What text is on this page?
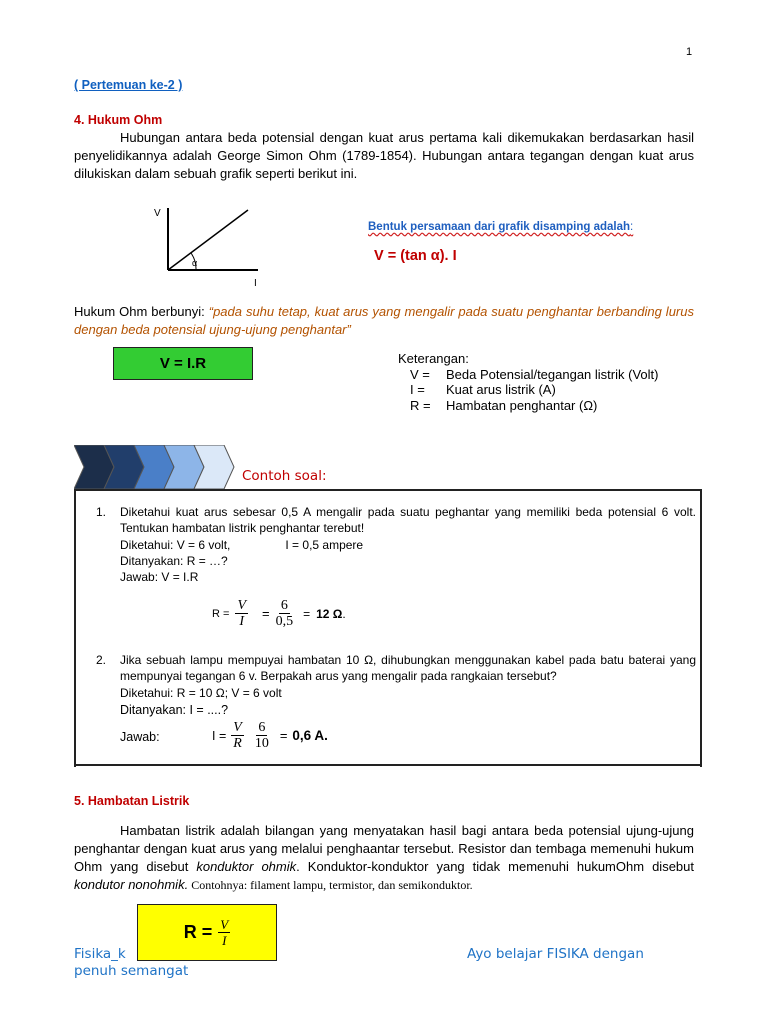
1
( Pertemuan ke-2 )
4. Hukum Ohm
Hubungan antara beda potensial dengan kuat arus pertama kali dikemukakan berdasarkan hasil penyelidikannya adalah George Simon Ohm (1789-1854). Hubungan antara tegangan dengan kuat arus dilukiskan dalam sebuah grafik seperti berikut ini.
V
I
α
Bentuk persamaan dari grafik disamping adalah:
V = (tan α). I
Hukum Ohm berbunyi: “pada suhu tetap, kuat arus yang mengalir pada suatu penghantar berbanding lurus dengan beda potensial ujung-ujung penghantar”
V = I.R	Keterangan:
V =	Beda Potensial/tegangan listrik (Volt)
I =	Kuat arus listrik (A)
R =	Hambatan penghantar (Ω)
Contoh soal:
1. Diketahui kuat arus sebesar 0,5 A mengalir pada suatu peghantar yang memiliki beda potensial 6 volt. Tentukan hambatan listrik penghantar terebut!
Diketahui: V = 6 volt,	I = 0,5 ampere
Ditanyakan: R = …?
Jawab: V = I.R
$R = \frac{V}{I} = \frac{6}{0,5} = 12$ Ω.
2. Jika sebuah lampu mempuyai hambatan 10 Ω, dihubungkan menggunakan kabel pada batu baterai yang mempunyai tegangan 6 v. Berpakah arus yang mengalir pada rangkaian tersebut?
Diketahui: R = 10 Ω; V = 6 volt
Ditanyakan: I = ....?
Jawab:	$I = \frac{V}{R} \frac{6}{10} = 0,6$ A.
5. Hambatan Listrik
Hambatan listrik adalah bilangan yang menyatakan hasil bagi antara beda potensial ujung-ujung penghantar dengan kuat arus yang melalui penghaantar tersebut. Resistor dan tembaga memenuhi hukum Ohm yang disebut konduktor ohmik. Konduktor-konduktor yang tidak memenuhi hukumOhm disebut kondutor nonohmik. Contohnya: filament lampu, termistor, dan semikonduktor.
Fisika_k	Ayo belajar FISIKA dengan
penuh semangat
$R = \frac{V}{I}$
